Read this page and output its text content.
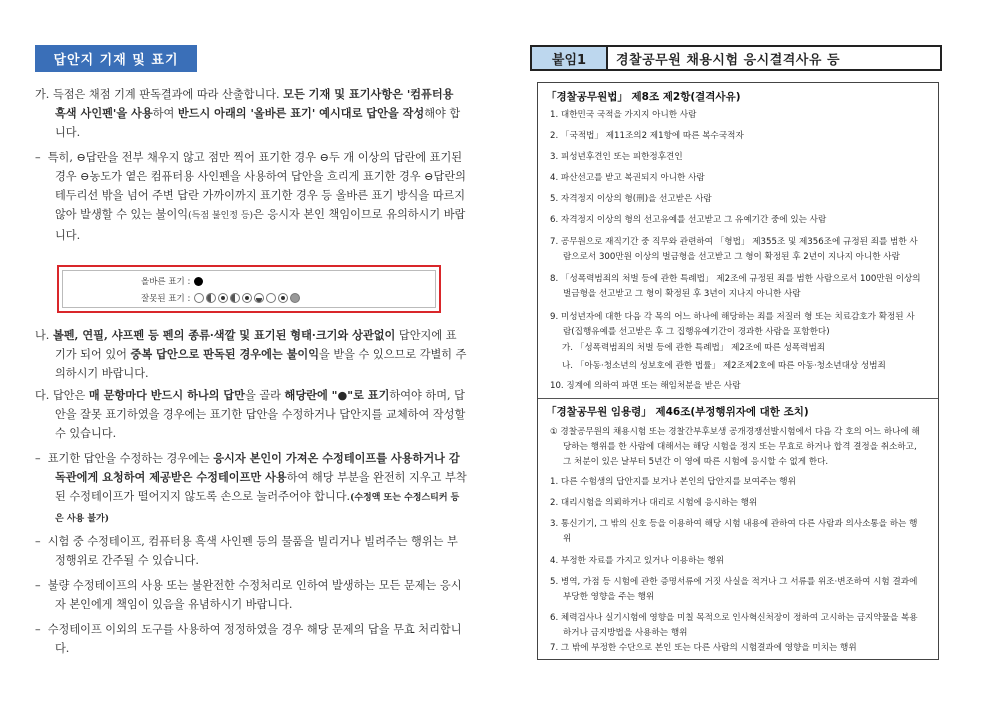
답안지 기재 및 표기

가. 득점은 채점 기계 판독결과에 따라 산출합니다. 모든 기재 및 표기사항은 '컴퓨터용 흑색 사인펜'을 사용하여 반드시 아래의 '올바른 표기' 예시대로 답안을 작성해야 합니다.

– 특히, ⊖답란을 전부 채우지 않고 점만 찍어 표기한 경우 ⊖두 개 이상의 답란에 표기된 경우 ⊖농도가 옅은 컴퓨터용 사인펜을 사용하여 답안을 흐리게 표기한 경우 ⊖답란의 테두리선 밖을 넘어 주변 답란 가까이까지 표기한 경우 등 올바른 표기 방식을 따르지 않아 발생할 수 있는 불이익(득점 불인정 등)은 응시자 본인 책임이므로 유의하시기 바랍니다.

올바른 표기 :
잘못된 표기 :

나. 볼펜, 연필, 샤프펜 등 펜의 종류·색깔 및 표기된 형태·크기와 상관없이 답안지에 표기가 되어 있어 중복 답안으로 판독된 경우에는 불이익을 받을 수 있으므로 각별히 주의하시기 바랍니다.

다. 답안은 매 문항마다 반드시 하나의 답만을 골라 해당란에 "●"로 표기하여야 하며, 답안을 잘못 표기하였을 경우에는 표기한 답안을 수정하거나 답안지를 교체하여 작성할 수 있습니다.

– 표기한 답안을 수정하는 경우에는 응시자 본인이 가져온 수정테이프를 사용하거나 감독관에게 요청하여 제공받은 수정테이프만 사용하여 해당 부분을 완전히 지우고 부착된 수정테이프가 떨어지지 않도록 손으로 눌러주어야 합니다.(수정액 또는 수정스티커 등은 사용 불가)

– 시험 중 수정테이프, 컴퓨터용 흑색 사인펜 등의 물품을 빌리거나 빌려주는 행위는 부정행위로 간주될 수 있습니다.

– 불량 수정테이프의 사용 또는 불완전한 수정처리로 인하여 발생하는 모든 문제는 응시자 본인에게 책임이 있음을 유념하시기 바랍니다.

– 수정테이프 이외의 도구를 사용하여 정정하였을 경우 해당 문제의 답을 무효 처리합니다.

붙임1	경찰공무원 채용시험 응시결격사유 등
「경찰공무원법」 제8조 제2항(결격사유)
1. 대한민국 국적을 가지지 아니한 사람
2. 「국적법」 제11조의2 제1항에 따른 복수국적자
3. 피성년후견인 또는 피한정후견인
4. 파산선고를 받고 복권되지 아니한 사람
5. 자격정지 이상의 형(刑)을 선고받은 사람
6. 자격정지 이상의 형의 선고유예를 선고받고 그 유예기간 중에 있는 사람
7. 공무원으로 재직기간 중 직무와 관련하여 「형법」 제355조 및 제356조에 규정된 죄를 범한 사람으로서 300만원 이상의 벌금형을 선고받고 그 형이 확정된 후 2년이 지나지 아니한 사람
8. 「성폭력범죄의 처벌 등에 관한 특례법」 제2조에 규정된 죄를 범한 사람으로서 100만원 이상의 벌금형을 선고받고 그 형이 확정된 후 3년이 지나지 아니한 사람
9. 미성년자에 대한 다음 각 목의 어느 하나에 해당하는 죄를 저질러 형 또는 치료감호가 확정된 사람(집행유예를 선고받은 후 그 집행유예기간이 경과한 사람을 포함한다)
가. 「성폭력범죄의 처벌 등에 관한 특례법」 제2조에 따른 성폭력범죄
나. 「아동·청소년의 성보호에 관한 법률」 제2조제2호에 따른 아동·청소년대상 성범죄
10. 징계에 의하여 파면 또는 해임처분을 받은 사람
「경찰공무원 임용령」 제46조(부정행위자에 대한 조치)
① 경찰공무원의 채용시험 또는 경찰간부후보생 공개경쟁선발시험에서 다음 각 호의 어느 하나에 해당하는 행위를 한 사람에 대해서는 해당 시험을 정지 또는 무효로 하거나 합격 결정을 취소하고, 그 처분이 있은 날부터 5년간 이 영에 따른 시험에 응시할 수 없게 한다.
1. 다른 수험생의 답안지를 보거나 본인의 답안지를 보여주는 행위
2. 대리시험을 의뢰하거나 대리로 시험에 응시하는 행위
3. 통신기기, 그 밖의 신호 등을 이용하여 해당 시험 내용에 관하여 다른 사람과 의사소통을 하는 행위
4. 부정한 자료를 가지고 있거나 이용하는 행위
5. 병역, 가점 등 시험에 관한 증명서류에 거짓 사실을 적거나 그 서류를 위조·변조하여 시험 결과에 부당한 영향을 주는 행위
6. 체력검사나 실기시험에 영향을 미칠 목적으로 인사혁신처장이 정하여 고시하는 금지약물을 복용하거나 금지방법을 사용하는 행위
7. 그 밖에 부정한 수단으로 본인 또는 다른 사람의 시험결과에 영향을 미치는 행위
